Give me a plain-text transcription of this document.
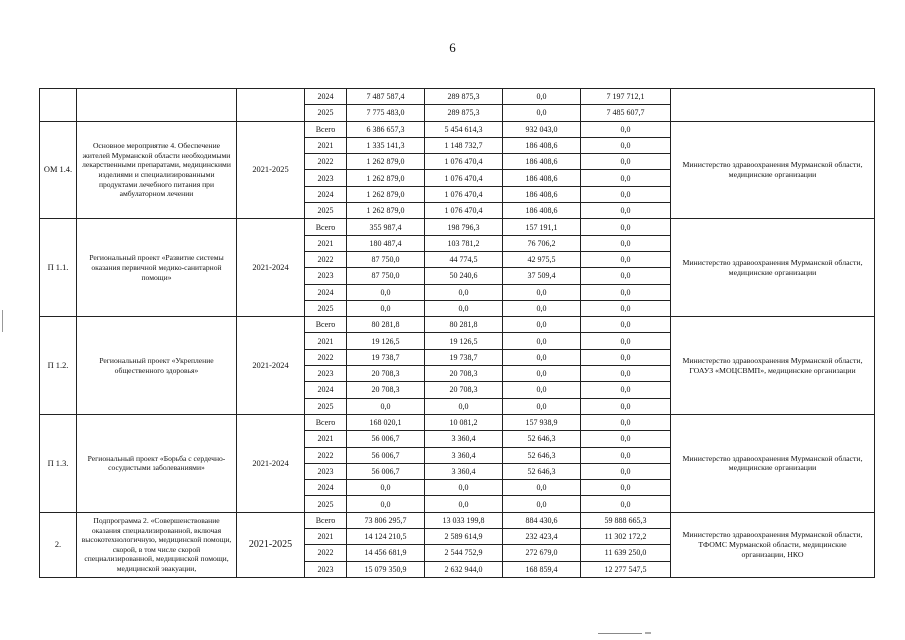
6
			2024	7 487 587,4	289 875,3	0,0	7 197 712,1	
			2025	7 775 483,0	289 875,3	0,0	7 485 607,7	
ОМ 1.4.	Основное мероприятие 4. Обеспечение жителей Мурманской области необходимыми лекарственными препаратами, медицинскими изделиями и специализированными продуктами лечебного питания при амбулаторном лечении	2021-2025	Всего	6 386 657,3	5 454 614,3	932 043,0	0,0	Министерство здравоохранения Мурманской области, медицинские организации
			2021	1 335 141,3	1 148 732,7	186 408,6	0,0	
			2022	1 262 879,0	1 076 470,4	186 408,6	0,0	
			2023	1 262 879,0	1 076 470,4	186 408,6	0,0	
			2024	1 262 879,0	1 076 470,4	186 408,6	0,0	
			2025	1 262 879,0	1 076 470,4	186 408,6	0,0	
П 1.1.	Региональный проект «Развитие системы оказания первичной медико-санитарной помощи»	2021-2024	Всего	355 987,4	198 796,3	157 191,1	0,0	Министерство здравоохранения Мурманской области, медицинские организации
			2021	180 487,4	103 781,2	76 706,2	0,0	
			2022	87 750,0	44 774,5	42 975,5	0,0	
			2023	87 750,0	50 240,6	37 509,4	0,0	
			2024	0,0	0,0	0,0	0,0	
			2025	0,0	0,0	0,0	0,0	
П 1.2.	Региональный проект «Укрепление общественного здоровья»	2021-2024	Всего	80 281,8	80 281,8	0,0	0,0	Министерство здравоохранения Мурманской области, ГОАУЗ «МОЦСВМП», медицинские организации
			2021	19 126,5	19 126,5	0,0	0,0	
			2022	19 738,7	19 738,7	0,0	0,0	
			2023	20 708,3	20 708,3	0,0	0,0	
			2024	20 708,3	20 708,3	0,0	0,0	
			2025	0,0	0,0	0,0	0,0	
П 1.3.	Региональный проект «Борьба с сердечно-сосудистыми заболеваниями»	2021-2024	Всего	168 020,1	10 081,2	157 938,9	0,0	Министерство здравоохранения Мурманской области, медицинские организации
			2021	56 006,7	3 360,4	52 646,3	0,0	
			2022	56 006,7	3 360,4	52 646,3	0,0	
			2023	56 006,7	3 360,4	52 646,3	0,0	
			2024	0,0	0,0	0,0	0,0	
			2025	0,0	0,0	0,0	0,0	
2.	Подпрограмма 2. «Совершенствование оказания специализированной, включая высокотехнологичную, медицинской помощи, скорой, в том числе скорой специализированной, медицинской помощи, медицинской эвакуации,	2021-2025	Всего	73 806 295,7	13 033 199,8	884 430,6	59 888 665,3	Министерство здравоохранения Мурманской области, ТФОМС Мурманской области, медицинские организации, НКО
			2021	14 124 210,5	2 589 614,9	232 423,4	11 302 172,2	
			2022	14 456 681,9	2 544 752,9	272 679,0	11 639 250,0	
			2023	15 079 350,9	2 632 944,0	168 859,4	12 277 547,5	
